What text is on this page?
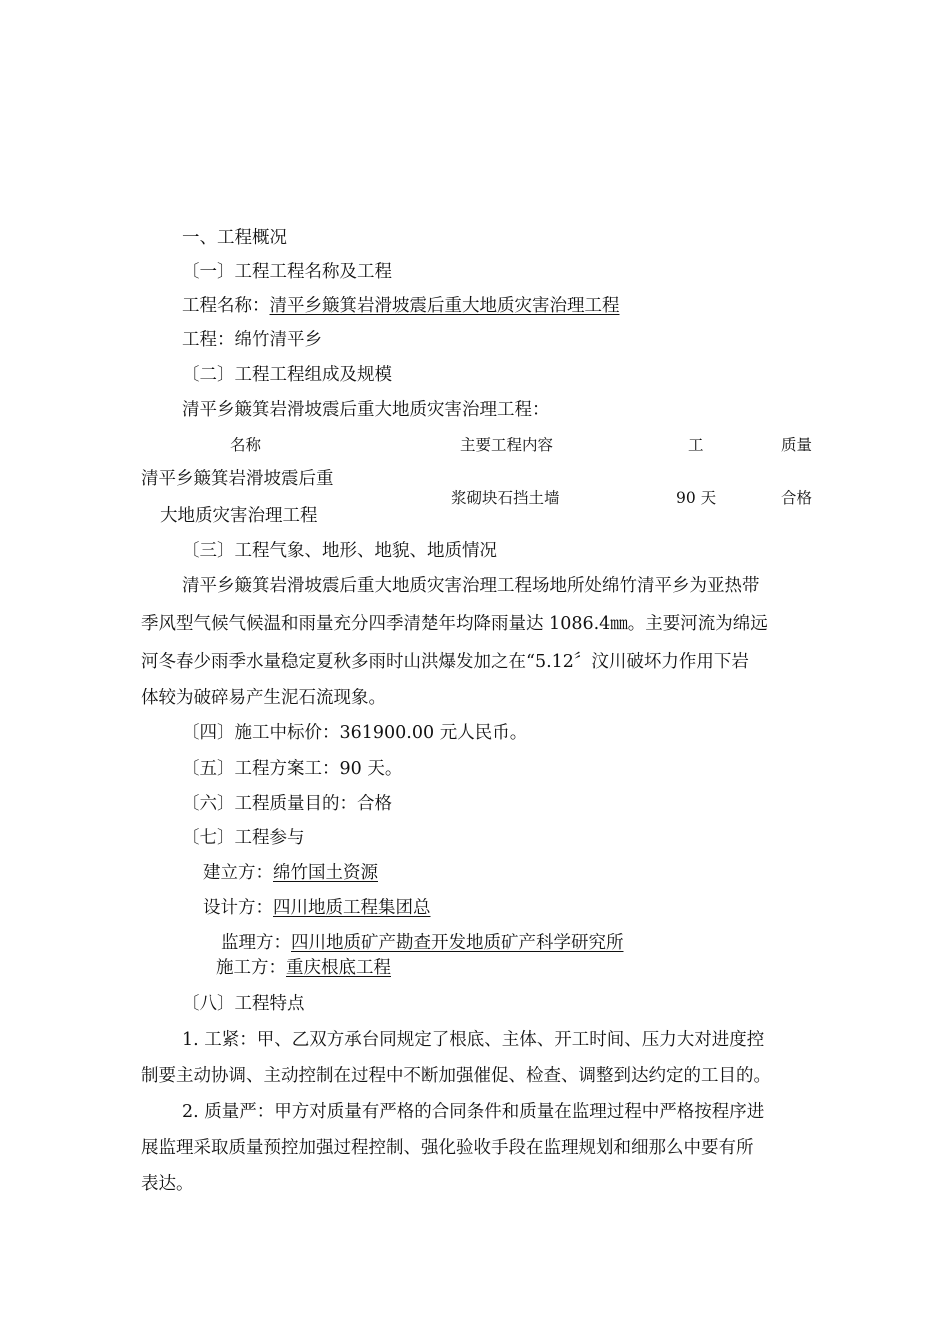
一、工程概况
〔一〕工程工程名称及工程
工程名称：清平乡簸箕岩滑坡震后重大地质灾害治理工程
工程：绵竹清平乡
〔二〕工程工程组成及规模
清平乡簸箕岩滑坡震后重大地质灾害治理工程：
名称	主要工程内容	工	质量
清平乡簸箕岩滑坡震后重
大地质灾害治理工程
浆砌块石挡土墙	90 天	合格
〔三〕工程气象、地形、地貌、地质情况
清平乡簸箕岩滑坡震后重大地质灾害治理工程场地所处绵竹清平乡为亚热带
季风型气候气候温和雨量充分四季清楚年均降雨量达 1086.4㎜。主要河流为绵远
河冬春少雨季水量稳定夏秋多雨时山洪爆发加之在“5.12〞汶川破坏力作用下岩
体较为破碎易产生泥石流现象。
〔四〕施工中标价：361900.00 元人民币。
〔五〕工程方案工：90 天。
〔六〕工程质量目的：合格
〔七〕工程参与
建立方：绵竹国土资源
设计方：四川地质工程集团总
监理方：四川地质矿产勘查开发地质矿产科学研究所
施工方：重庆根底工程
〔八〕工程特点
1. 工紧：甲、乙双方承台同规定了根底、主体、开工时间、压力大对进度控
制要主动协调、主动控制在过程中不断加强催促、检查、调整到达约定的工目的。
2. 质量严：甲方对质量有严格的合同条件和质量在监理过程中严格按程序进
展监理采取质量预控加强过程控制、强化验收手段在监理规划和细那么中要有所
表达。
